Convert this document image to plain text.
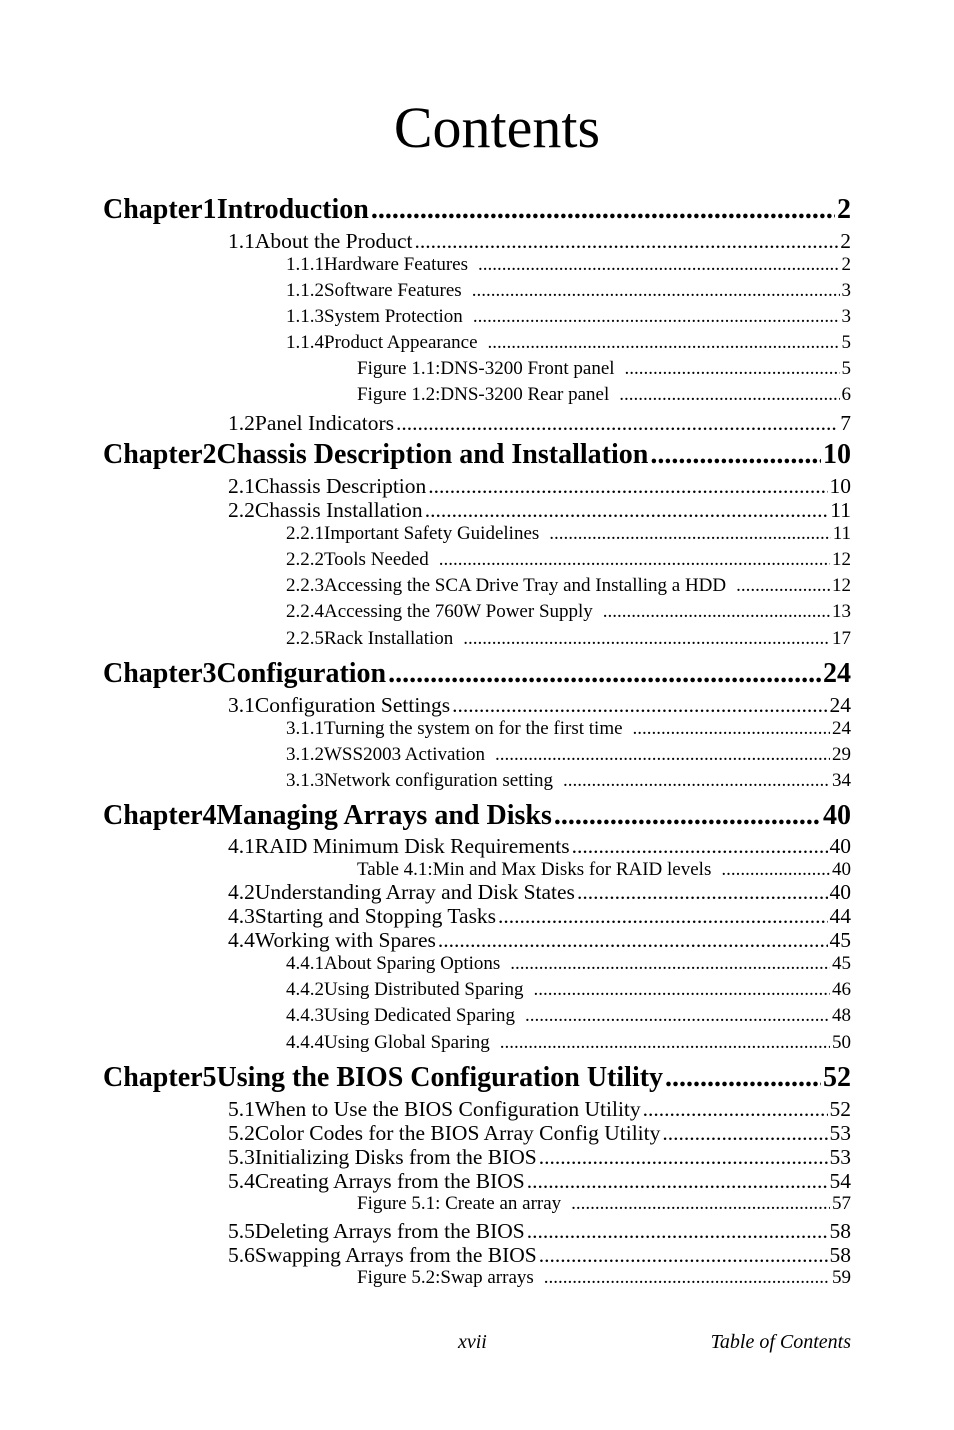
Contents
Chapter 1 Introduction .....	2
1.1 About the Product .....	2
1.1.1 Hardware Features .....	2
1.1.2 Software Features .....	3
1.1.3 System Protection .....	3
1.1.4 Product Appearance .....	5
Figure 1.1:DNS-3200 Front panel .....	5
Figure 1.2:DNS-3200 Rear panel .....	6
1.2 Panel Indicators .....	7
Chapter 2 Chassis Description and Installation .....	10
2.1 Chassis Description .....	10
2.2 Chassis Installation .....	11
2.2.1 Important Safety Guidelines .....	11
2.2.2 Tools Needed .....	12
2.2.3 Accessing the SCA Drive Tray and Installing a HDD .....	12
2.2.4 Accessing the 760W Power Supply .....	13
2.2.5 Rack Installation .....	17
Chapter 3 Configuration .....	24
3.1 Configuration Settings .....	24
3.1.1 Turning the system on for the first time .....	24
3.1.2 WSS2003 Activation .....	29
3.1.3 Network configuration setting .....	34
Chapter 4 Managing Arrays and Disks .....	40
4.1 RAID Minimum Disk Requirements .....	40
Table 4.1:Min and Max Disks for RAID levels .....	40
4.2 Understanding Array and Disk States .....	40
4.3 Starting and Stopping Tasks .....	44
4.4 Working with Spares .....	45
4.4.1 About Sparing Options .....	45
4.4.2 Using Distributed Sparing .....	46
4.4.3 Using Dedicated Sparing .....	48
4.4.4 Using Global Sparing .....	50
Chapter 5 Using the BIOS Configuration Utility .....	52
5.1 When to Use the BIOS Configuration Utility .....	52
5.2 Color Codes for the BIOS Array Config Utility .....	53
5.3 Initializing Disks from the BIOS .....	53
5.4 Creating Arrays from the BIOS .....	54
Figure 5.1: Create an array .....	57
5.5 Deleting Arrays from the BIOS .....	58
5.6 Swapping Arrays from the BIOS .....	58
Figure 5.2:Swap arrays .....	59
xvii	Table of Contents
